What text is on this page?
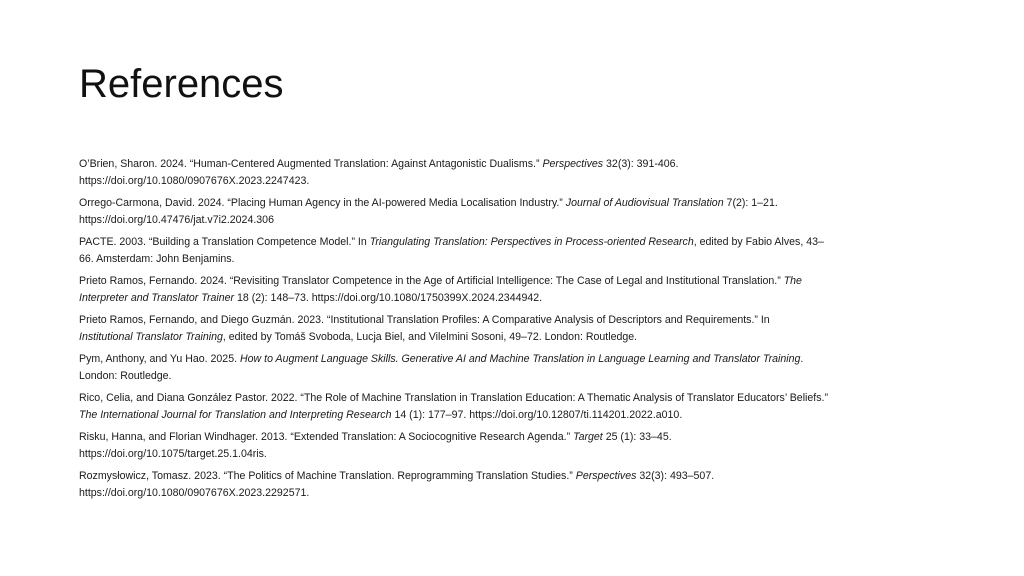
References

O’Brien, Sharon. 2024. “Human-Centered Augmented Translation: Against Antagonistic Dualisms.” Perspectives 32(3): 391-406.
https://doi.org/10.1080/0907676X.2023.2247423.

Orrego-Carmona, David. 2024. “Placing Human Agency in the AI-powered Media Localisation Industry.” Journal of Audiovisual Translation 7(2): 1–21.
https://doi.org/10.47476/jat.v7i2.2024.306

PACTE. 2003. “Building a Translation Competence Model.” In Triangulating Translation: Perspectives in Process-oriented Research, edited by Fabio Alves, 43–
66. Amsterdam: John Benjamins.

Prieto Ramos, Fernando. 2024. “Revisiting Translator Competence in the Age of Artificial Intelligence: The Case of Legal and Institutional Translation.” The
Interpreter and Translator Trainer 18 (2): 148–73. https://doi.org/10.1080/1750399X.2024.2344942.

Prieto Ramos, Fernando, and Diego Guzmán. 2023. “Institutional Translation Profiles: A Comparative Analysis of Descriptors and Requirements.” In
Institutional Translator Training, edited by Tomáš Svoboda, Lucja Biel, and Vilelmini Sosoni, 49–72. London: Routledge.

Pym, Anthony, and Yu Hao. 2025. How to Augment Language Skills. Generative AI and Machine Translation in Language Learning and Translator Training.
London: Routledge.

Rico, Celia, and Diana González Pastor. 2022. “The Role of Machine Translation in Translation Education: A Thematic Analysis of Translator Educators’ Beliefs.”
The International Journal for Translation and Interpreting Research 14 (1): 177–97. https://doi.org/10.12807/ti.114201.2022.a010.

Risku, Hanna, and Florian Windhager. 2013. “Extended Translation: A Sociocognitive Research Agenda.” Target 25 (1): 33–45.
https://doi.org/10.1075/target.25.1.04ris.

Rozmysłowicz, Tomasz. 2023. “The Politics of Machine Translation. Reprogramming Translation Studies.” Perspectives 32(3): 493–507.
https://doi.org/10.1080/0907676X.2023.2292571.
